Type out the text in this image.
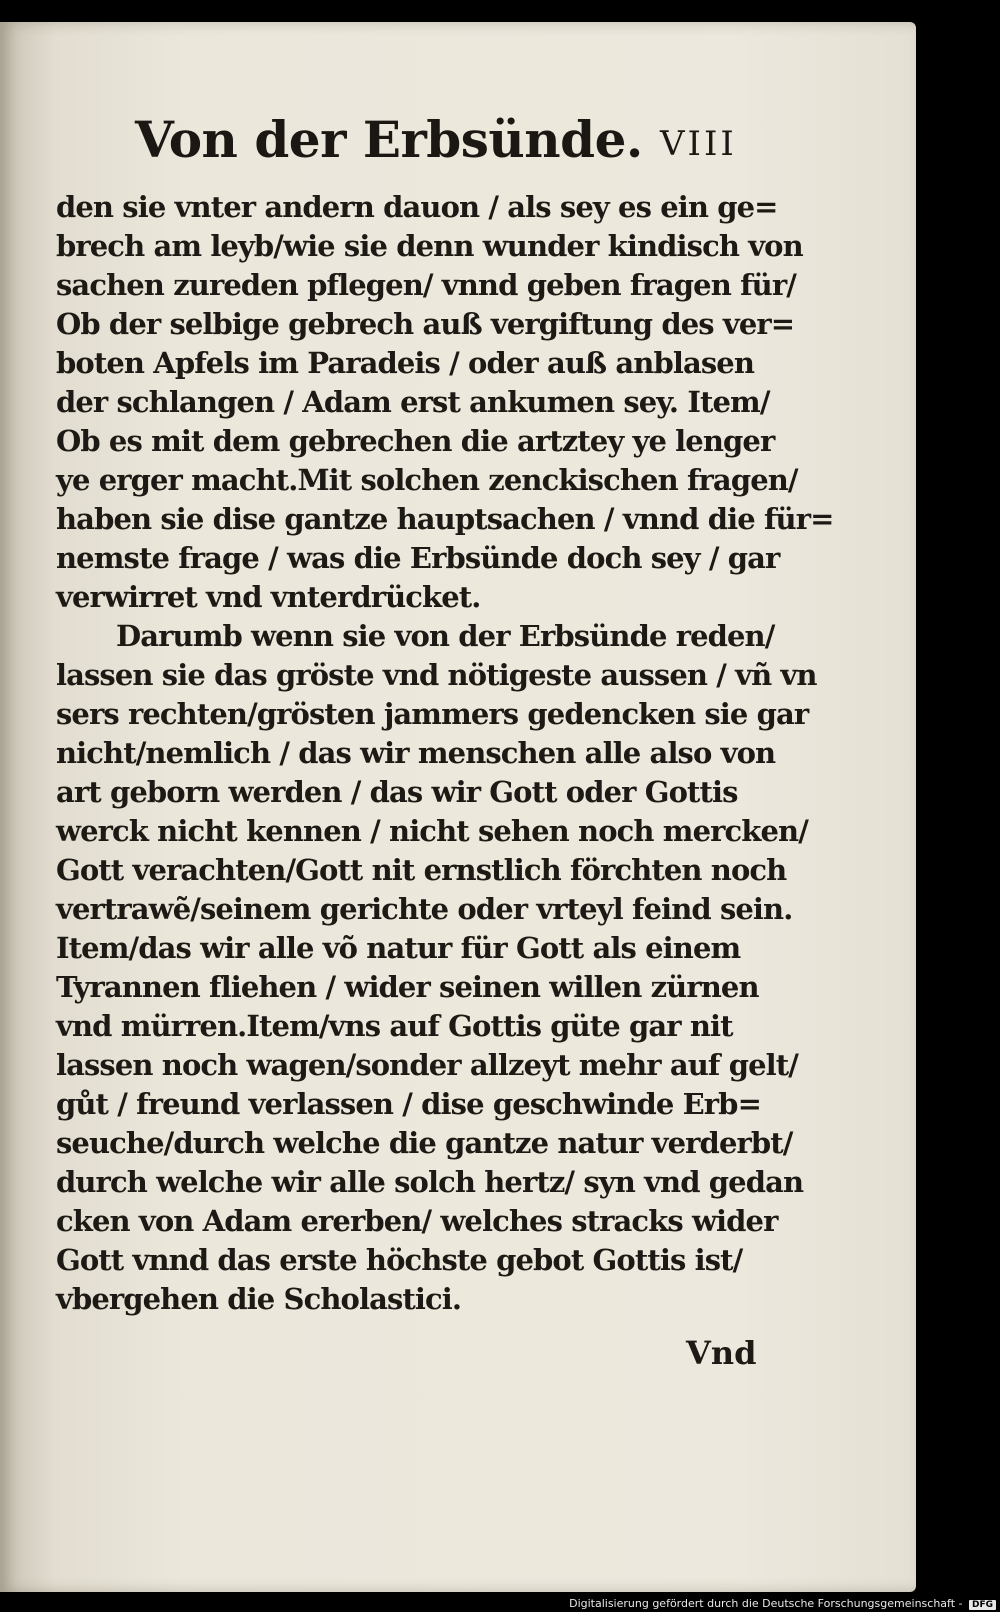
Von der Erbsünde. VIII
den sie vnter andern dauon / als sey es ein ge=
brech am leyb/wie sie denn wunder kindisch von
sachen zureden pflegen/ vnnd geben fragen für/
Ob der selbige gebrech auß vergiftung des ver=
boten Apfels im Paradeis / oder auß anblasen
der schlangen / Adam erst ankumen sey. Item/
Ob es mit dem gebrechen die artztey ye lenger
ye erger macht.Mit solchen zenckischen fragen/
haben sie dise gantze hauptsachen / vnnd die für=
nemste frage / was die Erbsünde doch sey / gar
verwirret vnd vnterdrücket.
Darumb wenn sie von der Erbsünde reden/
lassen sie das gröste vnd nötigeste aussen / vñ vn
sers rechten/grösten jammers gedencken sie gar
nicht/nemlich / das wir menschen alle also von
art geborn werden / das wir Gott oder Gottis
werck nicht kennen / nicht sehen noch mercken/
Gott verachten/Gott nit ernstlich förchten noch
vertrawẽ/seinem gerichte oder vrteyl feind sein.
Item/das wir alle võ natur für Gott als einem
Tyrannen fliehen / wider seinen willen zürnen
vnd mürren.Item/vns auf Gottis güte gar nit
lassen noch wagen/sonder allzeyt mehr auf gelt/
gůt / freund verlassen / dise geschwinde Erb=
seuche/durch welche die gantze natur verderbt/
durch welche wir alle solch hertz/ syn vnd gedan
cken von Adam ererben/ welches stracks wider
Gott vnnd das erste höchste gebot Gottis ist/
vbergehen die Scholastici.
Vnd
Digitalisierung gefördert durch die Deutsche Forschungsgemeinschaft - DFG
